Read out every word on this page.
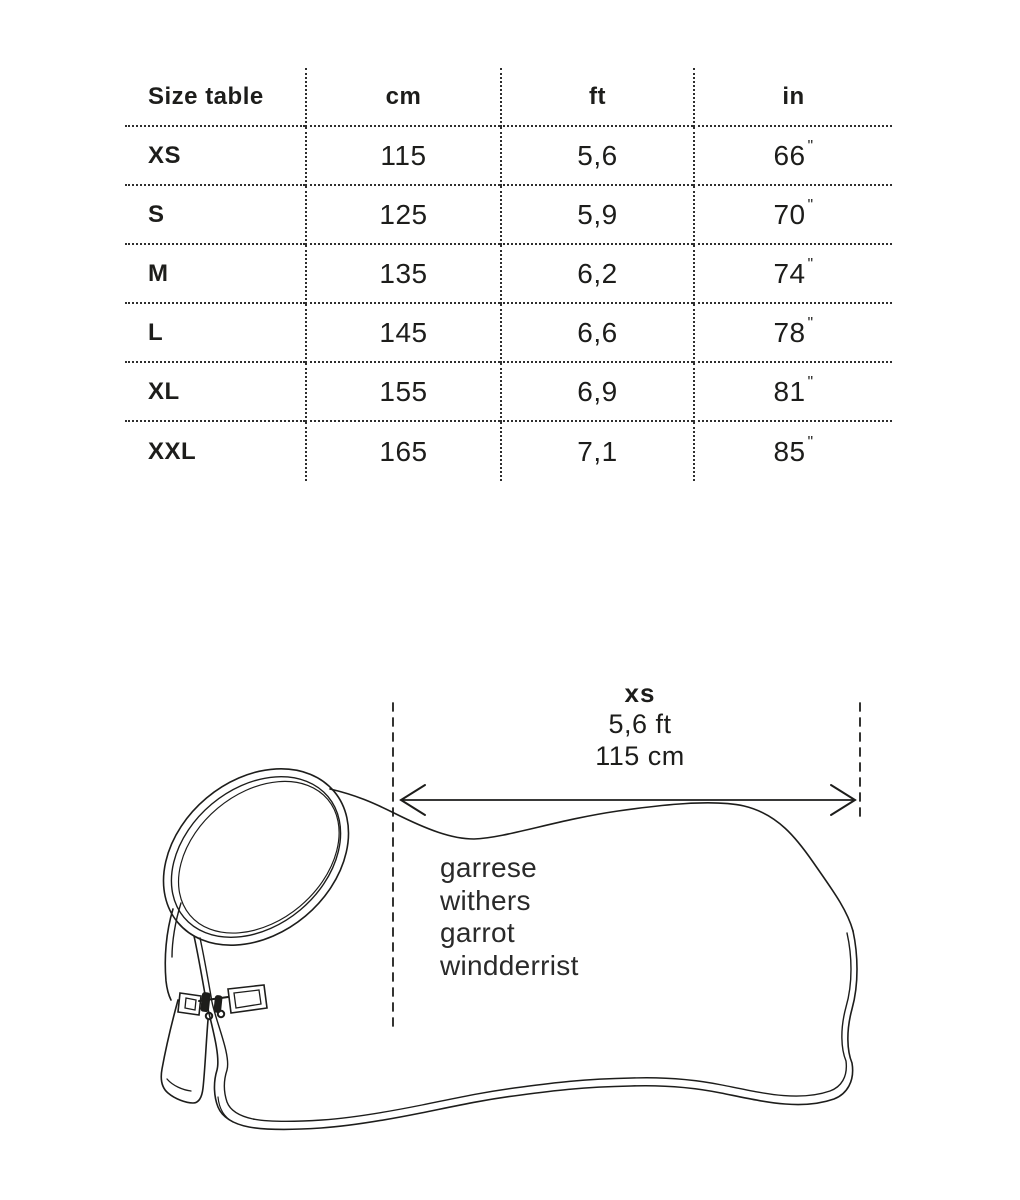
Size table	cm	ft	in
XS	115	5,6	66"
S	125	5,9	70"
M	135	6,2	74"
L	145	6,6	78"
XL	155	6,9	81"
XXL	165	7,1	85"
xs
5,6 ft
115 cm
garrese
withers
garrot
windderrist
